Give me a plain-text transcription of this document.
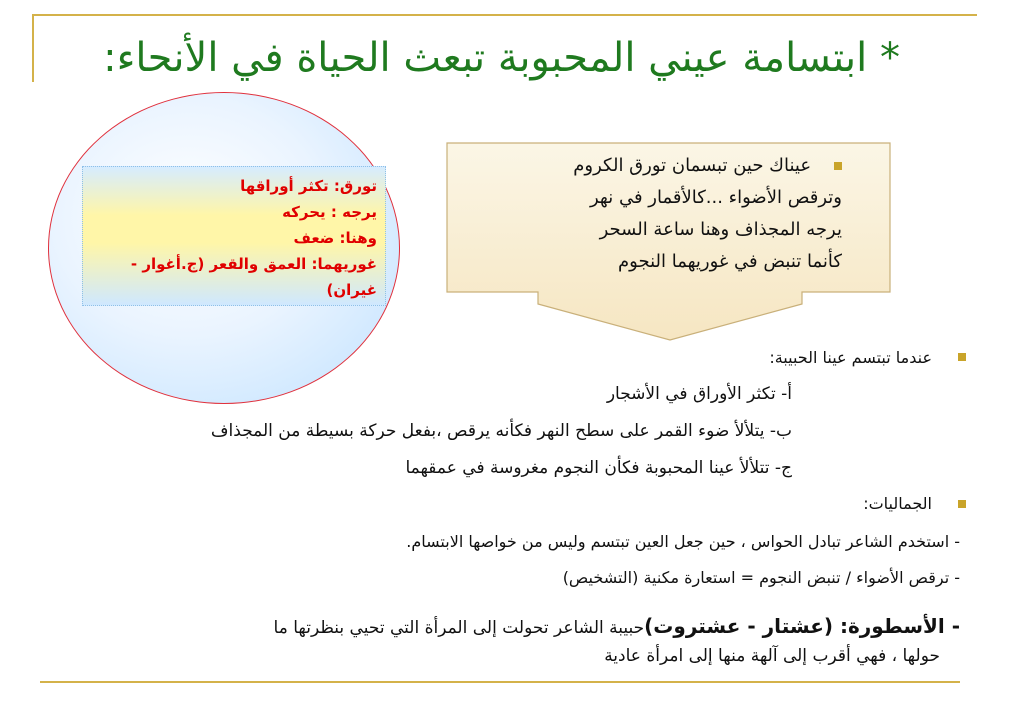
* ابتسامة عيني المحبوبة تبعث الحياة في الأنحاء:
تورق: تكثر أوراقها
يرجه : يحركه
وهنا: ضعف
غوريهما: العمق والقعر (ج.أغوار -
غيران)
عيناك حين تبسمان تورق الكروم
وترقص الأضواء ...كالأقمار في نهر
يرجه المجذاف وهنا ساعة السحر
كأنما تنبض في غوريهما النجوم
عندما تبتسم عينا الحبيبة:
أ- تكثر الأوراق في الأشجار
ب- يتلألأ ضوء القمر على سطح النهر فكأنه يرقص ،بفعل حركة بسيطة من المجذاف
ج- تتلألأ عينا المحبوبة فكأن النجوم مغروسة في عمقهما
الجماليات:
- استخدم الشاعر تبادل الحواس ، حين جعل العين تبتسم وليس من خواصها الابتسام.
- ترقص الأضواء / تنبض النجوم = استعارة مكنية (التشخيص)
- الأسطورة: (عشتار - عشتروت)حبيبة الشاعر تحولت إلى المرأة التي تحيي بنظرتها ما
حولها ، فهي أقرب إلى آلهة منها إلى امرأة عادية
